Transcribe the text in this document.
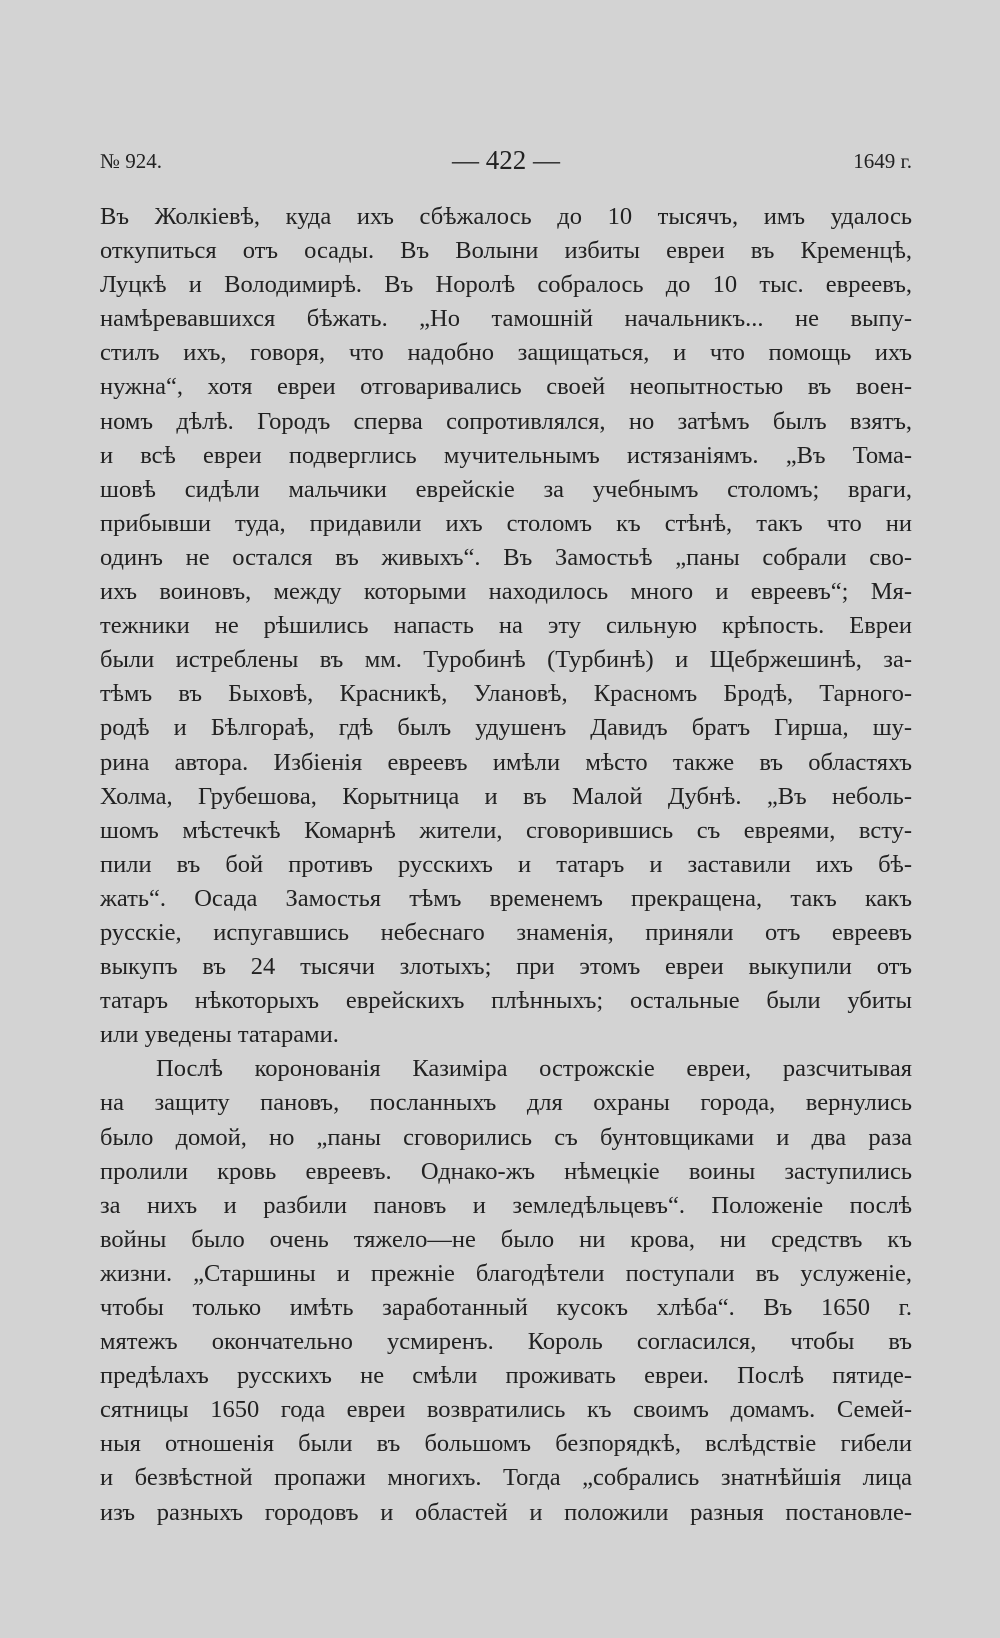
№ 924.	— 422 —	1649 г.
Въ Жолкіевѣ, куда ихъ сбѣжалось до 10 тысячъ, имъ удалось
откупиться отъ осады. Въ Волыни избиты евреи въ Кременцѣ,
Луцкѣ и Володимирѣ. Въ Норолѣ собралось до 10 тыс. евреевъ,
намѣревавшихся бѣжать. „Но тамошній начальникъ... не выпу-
стилъ ихъ, говоря, что надобно защищаться, и что помощь ихъ
нужна“, хотя евреи отговаривались своей неопытностью въ воен-
номъ дѣлѣ. Городъ сперва сопротивлялся, но затѣмъ былъ взятъ,
и всѣ евреи подверглись мучительнымъ истязаніямъ. „Въ Тома-
шовѣ сидѣли мальчики еврейскіе за учебнымъ столомъ; враги,
прибывши туда, придавили ихъ столомъ къ стѣнѣ, такъ что ни
одинъ не остался въ живыхъ“. Въ Замостьѣ „паны собрали сво-
ихъ воиновъ, между которыми находилось много и евреевъ“; Мя-
тежники не рѣшились напасть на эту сильную крѣпость. Евреи
были истреблены въ мм. Туробинѣ (Турбинѣ) и Щебржешинѣ, за-
тѣмъ въ Быховѣ, Красникѣ, Улановѣ, Красномъ Бродѣ, Тарного-
родѣ и Бѣлгораѣ, гдѣ былъ удушенъ Давидъ братъ Гирша, шу-
рина автора. Избіенія евреевъ имѣли мѣсто также въ областяхъ
Холма, Грубешова, Корытница и въ Малой Дубнѣ. „Въ неболь-
шомъ мѣстечкѣ Комарнѣ жители, сговорившись съ евреями, всту-
пили въ бой противъ русскихъ и татаръ и заставили ихъ бѣ-
жать“. Осада Замостья тѣмъ временемъ прекращена, такъ какъ
русскіе, испугавшись небеснаго знаменія, приняли отъ евреевъ
выкупъ въ 24 тысячи злотыхъ; при этомъ евреи выкупили отъ
татаръ нѣкоторыхъ еврейскихъ плѣнныхъ; остальные были убиты
или уведены татарами.
Послѣ коронованія Казиміра острожскіе евреи, разсчитывая
на защиту пановъ, посланныхъ для охраны города, вернулись
было домой, но „паны сговорились съ бунтовщиками и два раза
пролили кровь евреевъ. Однако-жъ нѣмецкіе воины заступились
за нихъ и разбили пановъ и земледѣльцевъ“. Положеніе послѣ
войны было очень тяжело—не было ни крова, ни средствъ къ
жизни. „Старшины и прежніе благодѣтели поступали въ услуженіе,
чтобы только имѣть заработанный кусокъ хлѣба“. Въ 1650 г.
мятежъ окончательно усмиренъ. Король согласился, чтобы въ
предѣлахъ русскихъ не смѣли проживать евреи. Послѣ пятиде-
сятницы 1650 года евреи возвратились къ своимъ домамъ. Семей-
ныя отношенія были въ большомъ безпорядкѣ, вслѣдствіе гибели
и безвѣстной пропажи многихъ. Тогда „собрались знатнѣйшія лица
изъ разныхъ городовъ и областей и положили разныя постановле-
